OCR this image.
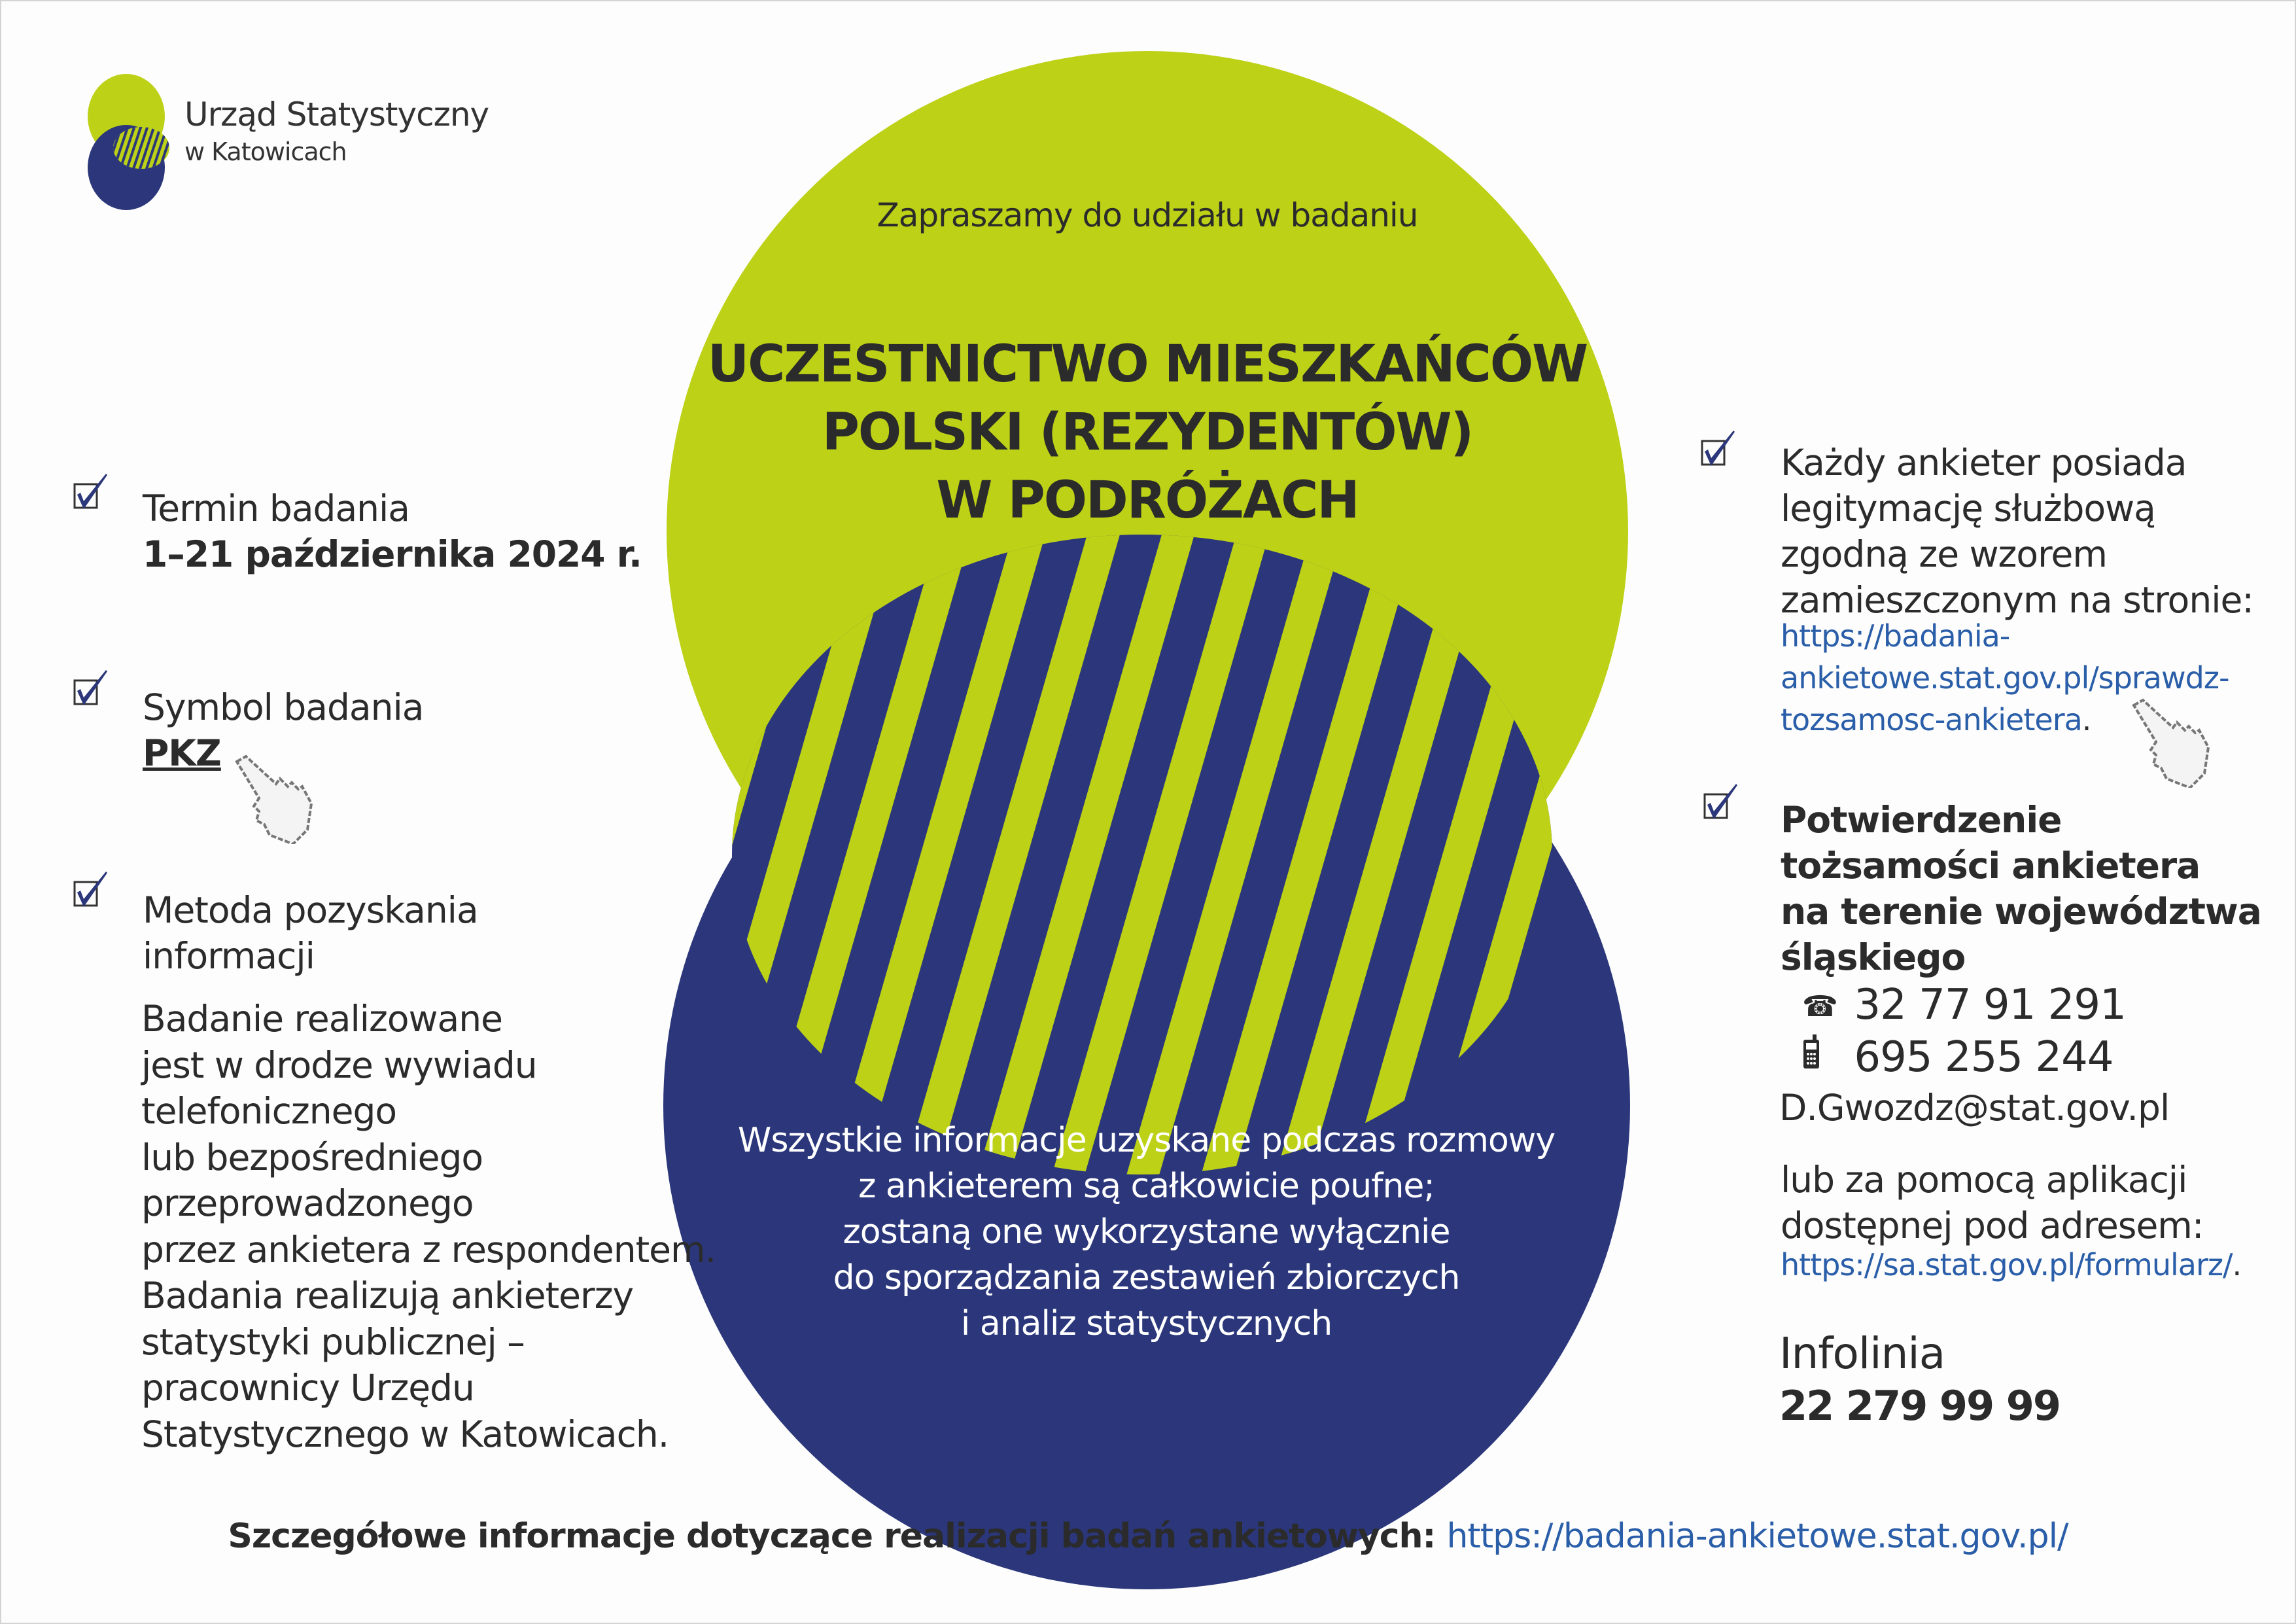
Urząd Statystyczny
w Katowicach
Zapraszamy do udziału w badaniu
UCZESTNICTWO MIESZKAŃCÓW
POLSKI (REZYDENTÓW)
W PODRÓŻACH
Wszystkie informacje uzyskane podczas rozmowy
z ankieterem są całkowicie poufne;
zostaną one wykorzystane wyłącznie
do sporządzania zestawień zbiorczych
i analiz statystycznych
Termin badania
1–21 października 2024 r.
Symbol badania
PKZ
Metoda pozyskania
informacji
Badanie realizowane
jest w drodze wywiadu
telefonicznego
lub bezpośredniego
przeprowadzonego
przez ankietera z respondentem.
Badania realizują ankieterzy
statystyki publicznej –
pracownicy Urzędu
Statystycznego w Katowicach.
Każdy ankieter posiada
legitymację służbową
zgodną ze wzorem
zamieszczonym na stronie:
https://badania-
ankietowe.stat.gov.pl/sprawdz-
tozsamosc-ankietera.
Potwierdzenie
tożsamości ankietera
na terenie województwa
śląskiego
☎ 32 77 91 291
695 255 244
D.Gwozdz@stat.gov.pl
lub za pomocą aplikacji
dostępnej pod adresem:
https://sa.stat.gov.pl/formularz/.
Infolinia
22 279 99 99
Szczegółowe informacje dotyczące realizacji badań ankietowych: https://badania-ankietowe.stat.gov.pl/
